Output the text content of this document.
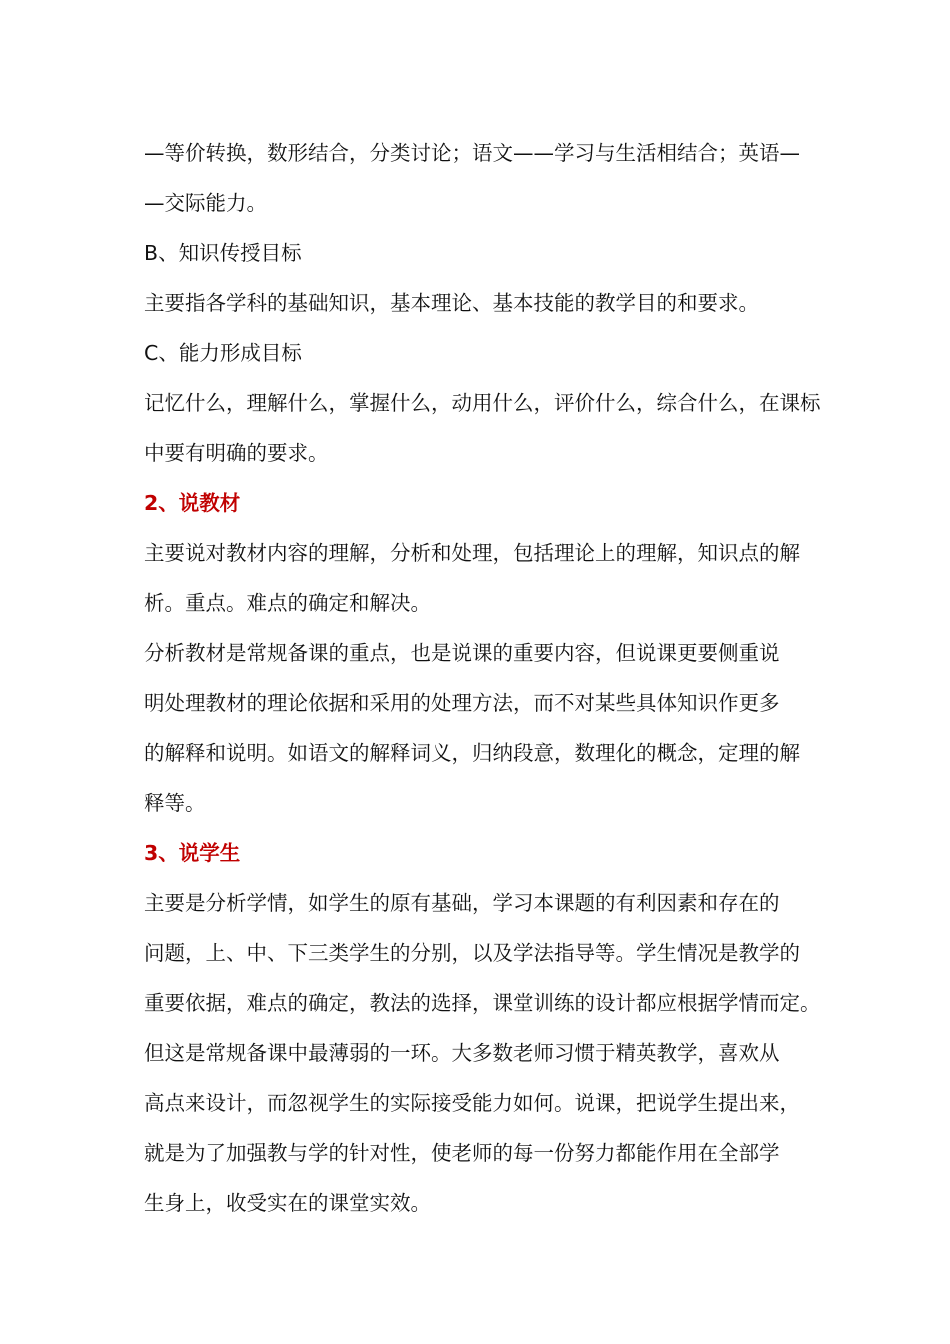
—等价转换，数形结合，分类讨论；语文——学习与生活相结合；英语—
—交际能力。
B、知识传授目标
主要指各学科的基础知识，基本理论、基本技能的教学目的和要求。
C、能力形成目标
记忆什么，理解什么，掌握什么，动用什么，评价什么，综合什么，在课标
中要有明确的要求。
2、说教材
主要说对教材内容的理解，分析和处理，包括理论上的理解，知识点的解
析。重点。难点的确定和解决。
分析教材是常规备课的重点，也是说课的重要内容，但说课更要侧重说
明处理教材的理论依据和采用的处理方法，而不对某些具体知识作更多
的解释和说明。如语文的解释词义，归纳段意，数理化的概念，定理的解
释等。
3、说学生
主要是分析学情，如学生的原有基础，学习本课题的有利因素和存在的
问题，上、中、下三类学生的分别，以及学法指导等。学生情况是教学的
重要依据，难点的确定，教法的选择，课堂训练的设计都应根据学情而定。
但这是常规备课中最薄弱的一环。大多数老师习惯于精英教学，喜欢从
高点来设计，而忽视学生的实际接受能力如何。说课，把说学生提出来，
就是为了加强教与学的针对性，使老师的每一份努力都能作用在全部学
生身上，收受实在的课堂实效。
